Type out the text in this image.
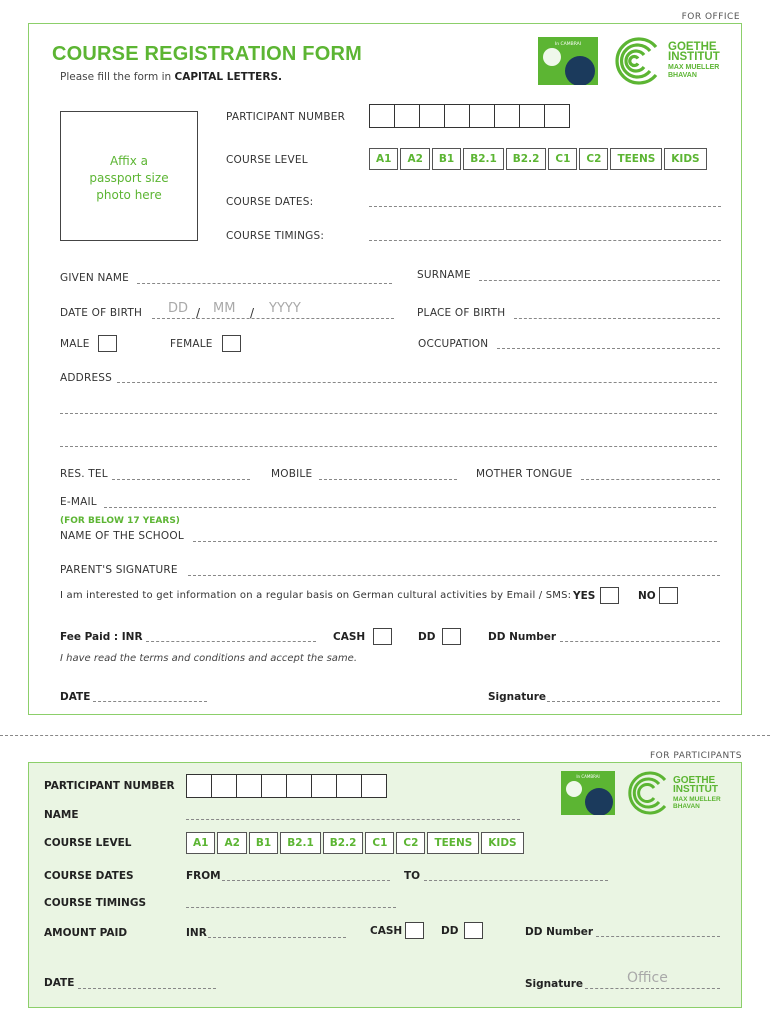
FOR OFFICE
COURSE REGISTRATION FORM
Please fill the form in CAPITAL LETTERS.
In CAMBRAI	GOETHE
INSTITUT
MAX MUELLER
BHAVAN
Affix a
passport size
photo here
PARTICIPANT NUMBER
COURSE LEVEL	A1	A2	B1	B2.1	B2.2	C1	C2	TEENS	KIDS
COURSE DATES:
COURSE TIMINGS:
GIVEN NAME	SURNAME
DATE OF BIRTH DD / MM / YYYY	PLACE OF BIRTH
MALE	FEMALE	OCCUPATION
ADDRESS
RES. TEL	MOBILE	MOTHER TONGUE
E-MAIL
(FOR BELOW 17 YEARS)
NAME OF THE SCHOOL
PARENT'S SIGNATURE
I am interested to get information on a regular basis on German cultural activities by Email / SMS: YES	NO
Fee Paid : INR	CASH	DD	DD Number
I have read the terms and conditions and accept the same.
DATE	Signature
FOR PARTICIPANTS
In CAMBRAI	GOETHE
INSTITUT
MAX MUELLER
BHAVAN
PARTICIPANT NUMBER
NAME
COURSE LEVEL	A1	A2	B1	B2.1	B2.2	C1	C2	TEENS	KIDS
COURSE DATES	FROM	TO
COURSE TIMINGS
AMOUNT PAID	INR	CASH	DD	DD Number
DATE	Signature	Office
